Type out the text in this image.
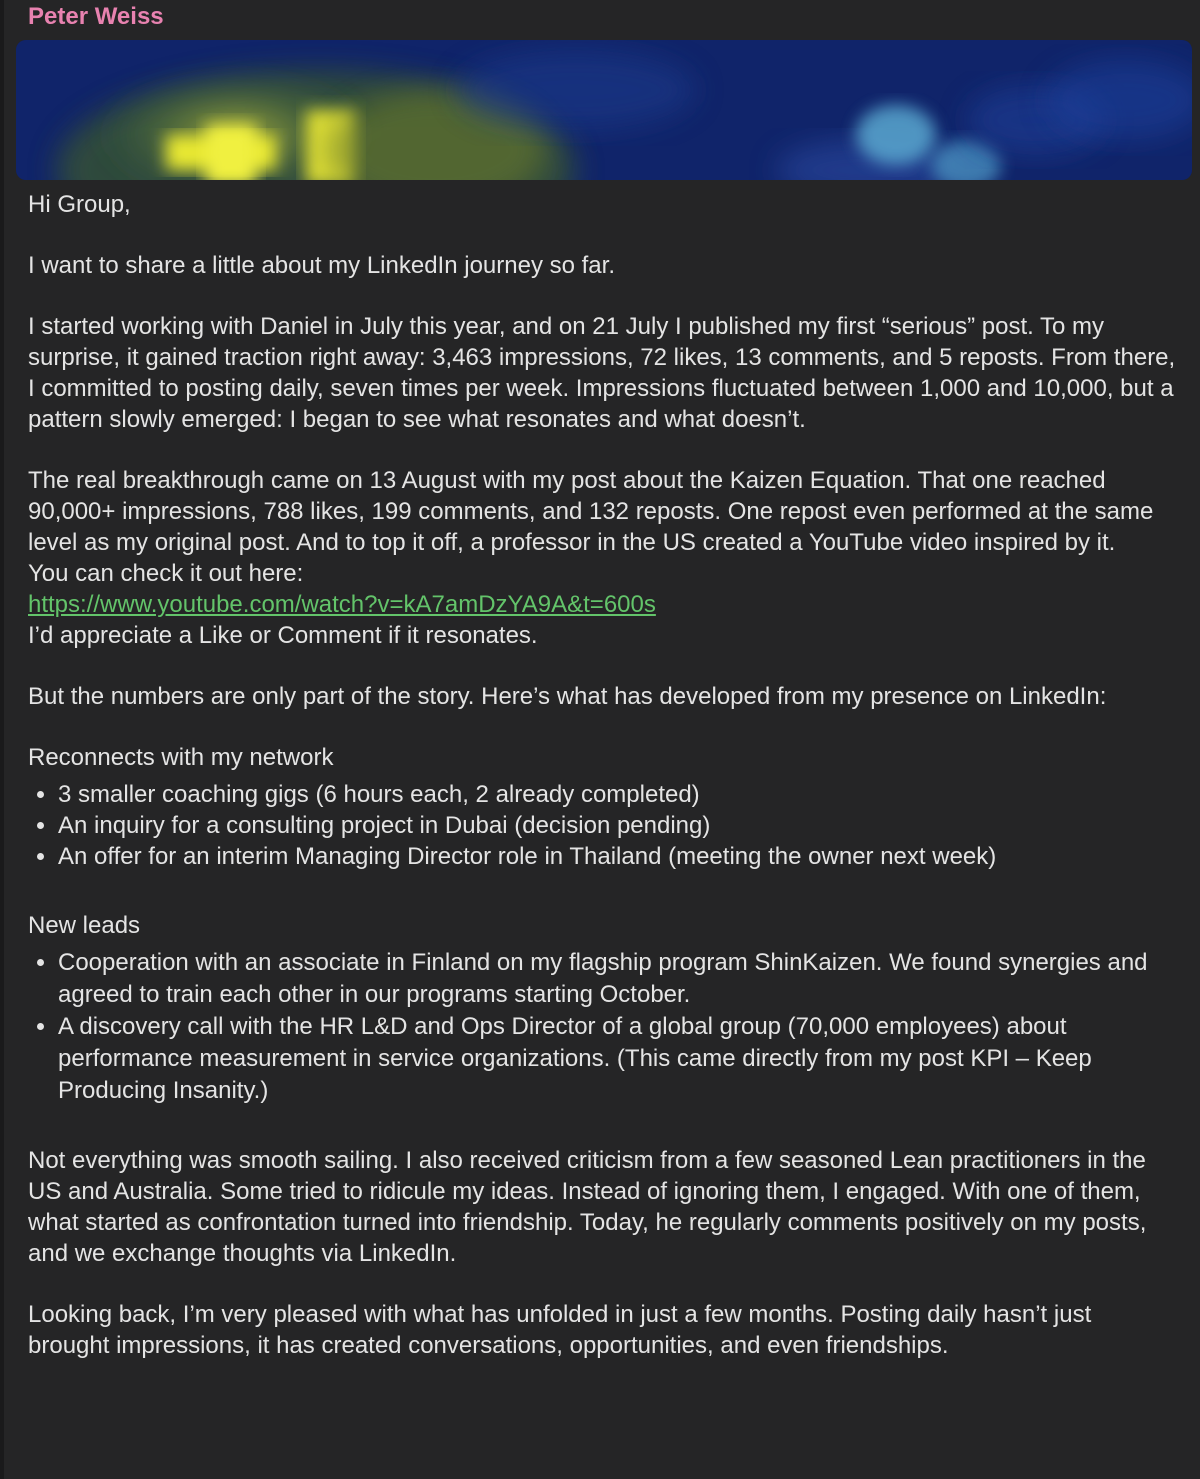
Peter Weiss

Hi Group,

I want to share a little about my LinkedIn journey so far.

I started working with Daniel in July this year, and on 21 July I published my first “serious” post. To my surprise, it gained traction right away: 3,463 impressions, 72 likes, 13 comments, and 5 reposts. From there, I committed to posting daily, seven times per week. Impressions fluctuated between 1,000 and 10,000, but a pattern slowly emerged: I began to see what resonates and what doesn’t.

The real breakthrough came on 13 August with my post about the Kaizen Equation. That one reached 90,000+ impressions, 788 likes, 199 comments, and 132 reposts. One repost even performed at the same level as my original post. And to top it off, a professor in the US created a YouTube video inspired by it.
You can check it out here:
https://www.youtube.com/watch?v=kA7amDzYA9A&t=600s
I’d appreciate a Like or Comment if it resonates.

But the numbers are only part of the story. Here’s what has developed from my presence on LinkedIn:

Reconnects with my network
• 3 smaller coaching gigs (6 hours each, 2 already completed)
• An inquiry for a consulting project in Dubai (decision pending)
• An offer for an interim Managing Director role in Thailand (meeting the owner next week)
New leads
• Cooperation with an associate in Finland on my flagship program ShinKaizen. We found synergies and agreed to train each other in our programs starting October.
• A discovery call with the HR L&D and Ops Director of a global group (70,000 employees) about performance measurement in service organizations. (This came directly from my post KPI – Keep Producing Insanity.)

Not everything was smooth sailing. I also received criticism from a few seasoned Lean practitioners in the US and Australia. Some tried to ridicule my ideas. Instead of ignoring them, I engaged. With one of them, what started as confrontation turned into friendship. Today, he regularly comments positively on my posts, and we exchange thoughts via LinkedIn.

Looking back, I’m very pleased with what has unfolded in just a few months. Posting daily hasn’t just brought impressions, it has created conversations, opportunities, and even friendships.
